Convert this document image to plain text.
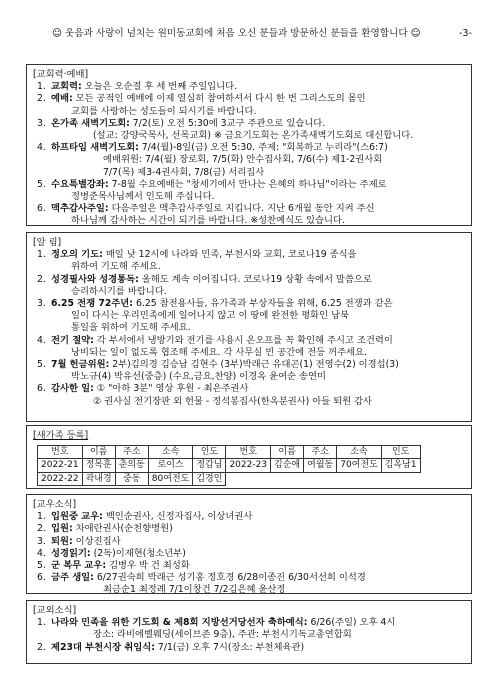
☺ 웃음과 사랑이 넘치는 원미동교회에 처음 오신 분들과 방문하신 분들을 환영합니다 ☺	-3-
[교회력·예배]
1. 교회력: 오늘은 오순절 후 세 번째 주일입니다.
2. 예배: 모든 공적인 예배에 이제 열심히 참여하셔서 다시 한 번 그리스도의 몸인
교회를 사랑하는 성도들이 되시기를 바랍니다.
3. 온가족 새벽기도회: 7/2(토) 오전 5:30에 3교구 주관으로 있습니다.
(설교: 강양국목사, 선목교회) ※ 금요기도회는 온가족새벽기도회로 대신합니다.
4. 하프타임 새벽기도회: 7/4(월)-8일(금) 오전 5:30. 주제: "회복하고 누리라"(스6:7)
예배위원: 7/4(월) 장로회, 7/5(화) 안수집사회, 7/6(수) 제1-2권사회
7/7(목) 제3-4권사회, 7/8(금) 서리집사
5. 수요특별강좌: 7-8월 수요예배는 "창세기에서 만나는 은혜의 하나님"이라는 주제로
정병준목사님께서 인도해 주십니다.
6. 맥추감사주일: 다음주일은 맥추감사주일로 지킵니다. 지난 6개월 동안 지켜 주신
하나님께 감사하는 시간이 되기를 바랍니다. ※성찬예식도 있습니다.
[알 림]
1. 정오의 기도: 매일 낮 12시에 나라와 민족, 부천시와 교회, 코로나19 종식을
위하여 기도해 주세요.
2. 성경필사와 성경통독: 올해도 계속 이어집니다. 코로나19 상황 속에서 말씀으로
승리하시기를 바랍니다.
3. 6.25 전쟁 72주년: 6.25 참전용사들, 유가족과 부상자들을 위해, 6.25 전쟁과 같은
일이 다시는 우리민족에게 일어나지 않고 이 땅에 완전한 평화인 남북
통일을 위하여 기도해 주세요.
4. 전기 절약: 각 부서에서 냉방기와 전기를 사용시 온오프를 꼭 확인해 주시고 조건력이
낭비되는 일이 없도록 협조해 주세요. 각 사무실 빈 공간에 전등 꺼주세요.
5. 7월 헌금위원: 2부)김의경 김승남 김현수 (3부)박래근 유대곤(1) 전영수(2) 이경섭(3)
박노규(4) 박유선(중층) (수요,금요,찬양) 이경옥 윤여순 송연미
6. 감사한 일: ① "아하 3분" 영상 후원 - 최은주권사
② 권사실 전기장판 외 헌물 - 정석봉집사(한옥분권사) 아들 퇴원 감사
[새가족 등록]
번호	이름	주소	소속	인도	번호	이름	주소	소속	인도
2022-21	정목훈	춘의동	로이스	정갑님	2022-23	김순애	여월동	70여전도	김옥남1
2022-22	곽내경	중동	80여전도	김경인					
[교우소식]
1. 입원중 교우: 백인순권사, 신정자집사, 이상녀권사
2. 입원: 차애란권사(순천향병원)
3. 퇴원: 이상진집사
4. 성경읽기: (2독)이재현(청소년부)
5. 군 복무 교우: 김병우 박 건 최성화
6. 금주 생일: 6/27권숙희 박래근 성기홍 정호경 6/28이종진 6/30서선희 이석경
최금순1 최정례 7/1이창건 7/2김은혜 윤산정
[교외소식]
1. 나라와 민족을 위한 기도회 & 제8회 지방선거당선자 축하예식: 6/26(주일) 오후 4시
장소: 라비에벨웨딩(세이브존 9층), 주관: 부천시기독교총연합회
2. 제23대 부천시장 취임식: 7/1(금) 오후 7시(장소: 부천체육관)
